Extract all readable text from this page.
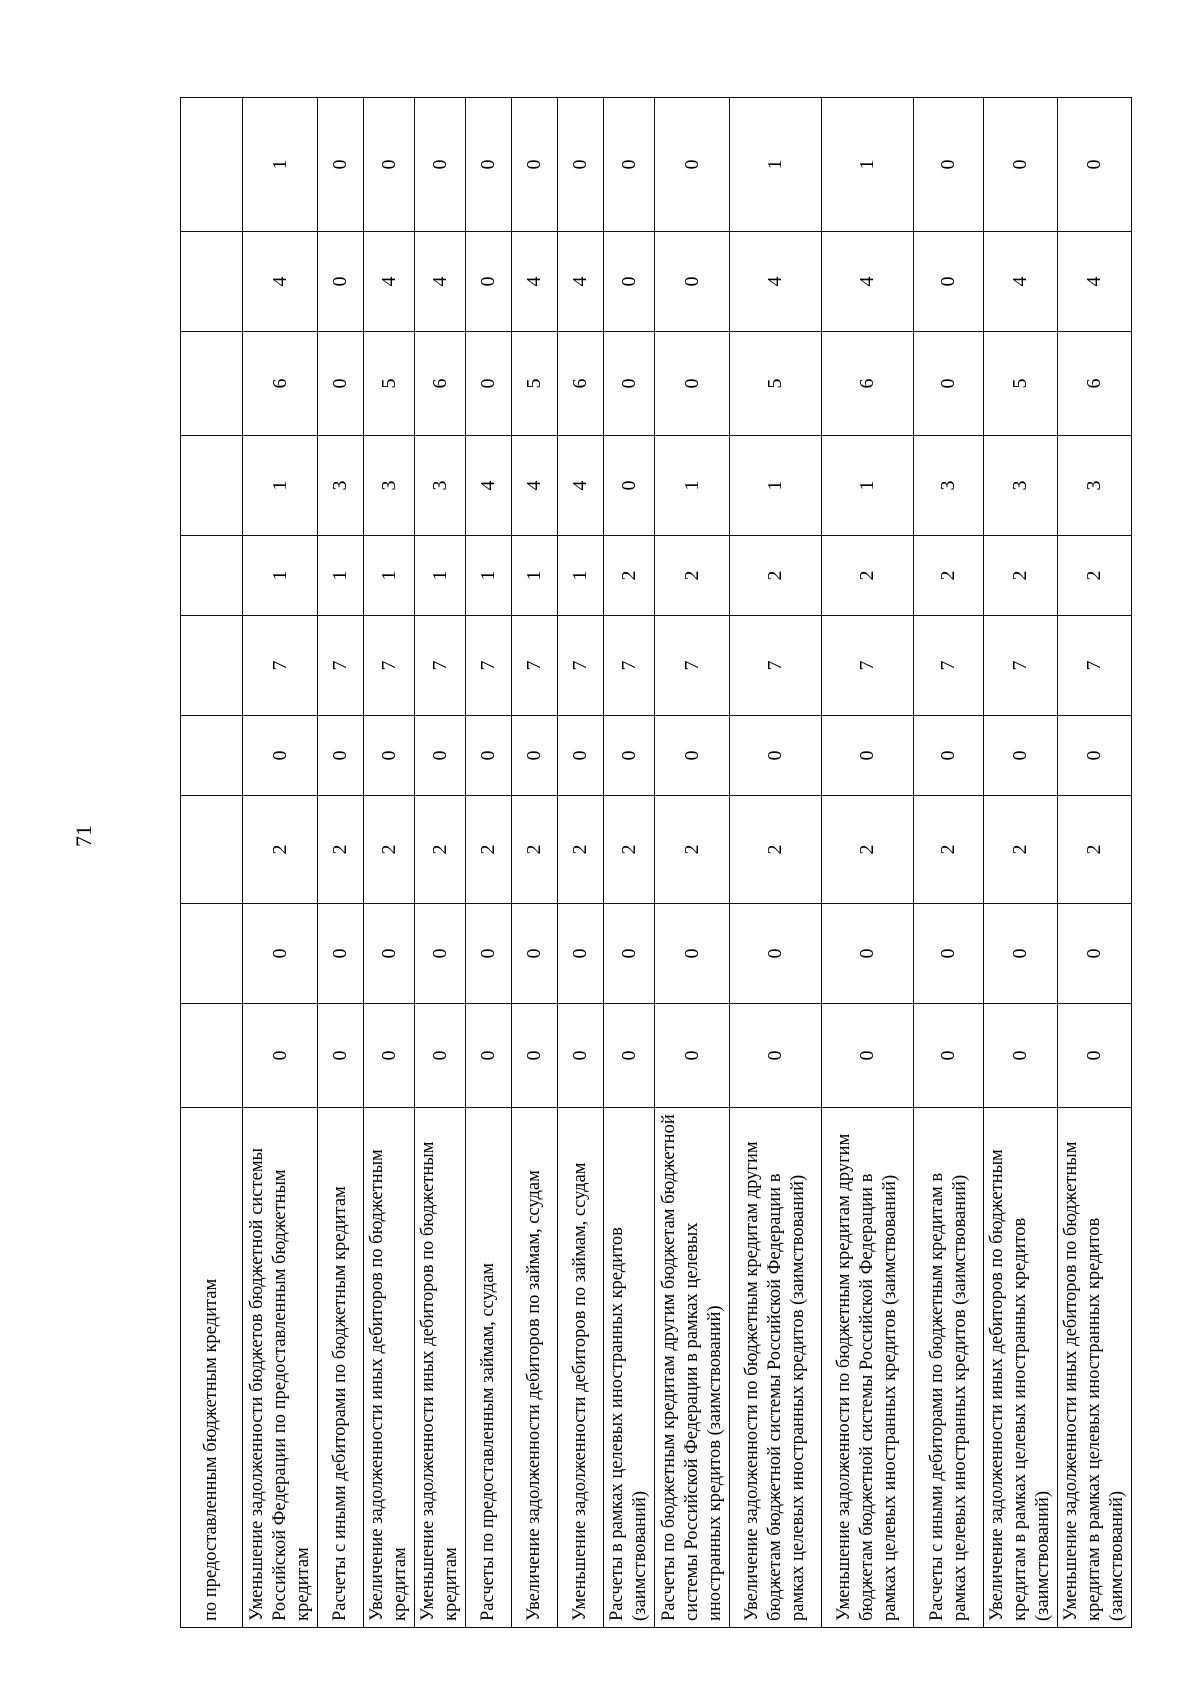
71
по предоставленным бюджетным кредитам										
Уменьшение задолженности бюджетов бюджетной системы Российской Федерации по предоставленным бюджетным кредитам	0	0	2	0	7	1	1	6	4	1
Расчеты с иными дебиторами по бюджетным кредитам	0	0	2	0	7	1	3	0	0	0
Увеличение задолженности иных дебиторов по бюджетным кредитам	0	0	2	0	7	1	3	5	4	0
Уменьшение задолженности иных дебиторов по бюджетным кредитам	0	0	2	0	7	1	3	6	4	0
Расчеты по предоставленным займам, ссудам	0	0	2	0	7	1	4	0	0	0
Увеличение задолженности дебиторов по займам, ссудам	0	0	2	0	7	1	4	5	4	0
Уменьшение задолженности дебиторов по займам, ссудам	0	0	2	0	7	1	4	6	4	0
Расчеты в рамках целевых иностранных кредитов (заимствований)	0	0	2	0	7	2	0	0	0	0
Расчеты по бюджетным кредитам другим бюджетам бюджетной системы Российской Федерации в рамках целевых иностранных кредитов (заимствований)	0	0	2	0	7	2	1	0	0	0
Увеличение задолженности по бюджетным кредитам другим бюджетам бюджетной системы Российской Федерации в рамках целевых иностранных кредитов (заимствований)	0	0	2	0	7	2	1	5	4	1
Уменьшение задолженности по бюджетным кредитам другим бюджетам бюджетной системы Российской Федерации в рамках целевых иностранных кредитов (заимствований)	0	0	2	0	7	2	1	6	4	1
Расчеты с иными дебиторами по бюджетным кредитам в рамках целевых иностранных кредитов (заимствований)	0	0	2	0	7	2	3	0	0	0
Увеличение задолженности иных дебиторов по бюджетным кредитам в рамках целевых иностранных кредитов (заимствований)	0	0	2	0	7	2	3	5	4	0
Уменьшение задолженности иных дебиторов по бюджетным кредитам в рамках целевых иностранных кредитов (заимствований)	0	0	2	0	7	2	3	6	4	0
